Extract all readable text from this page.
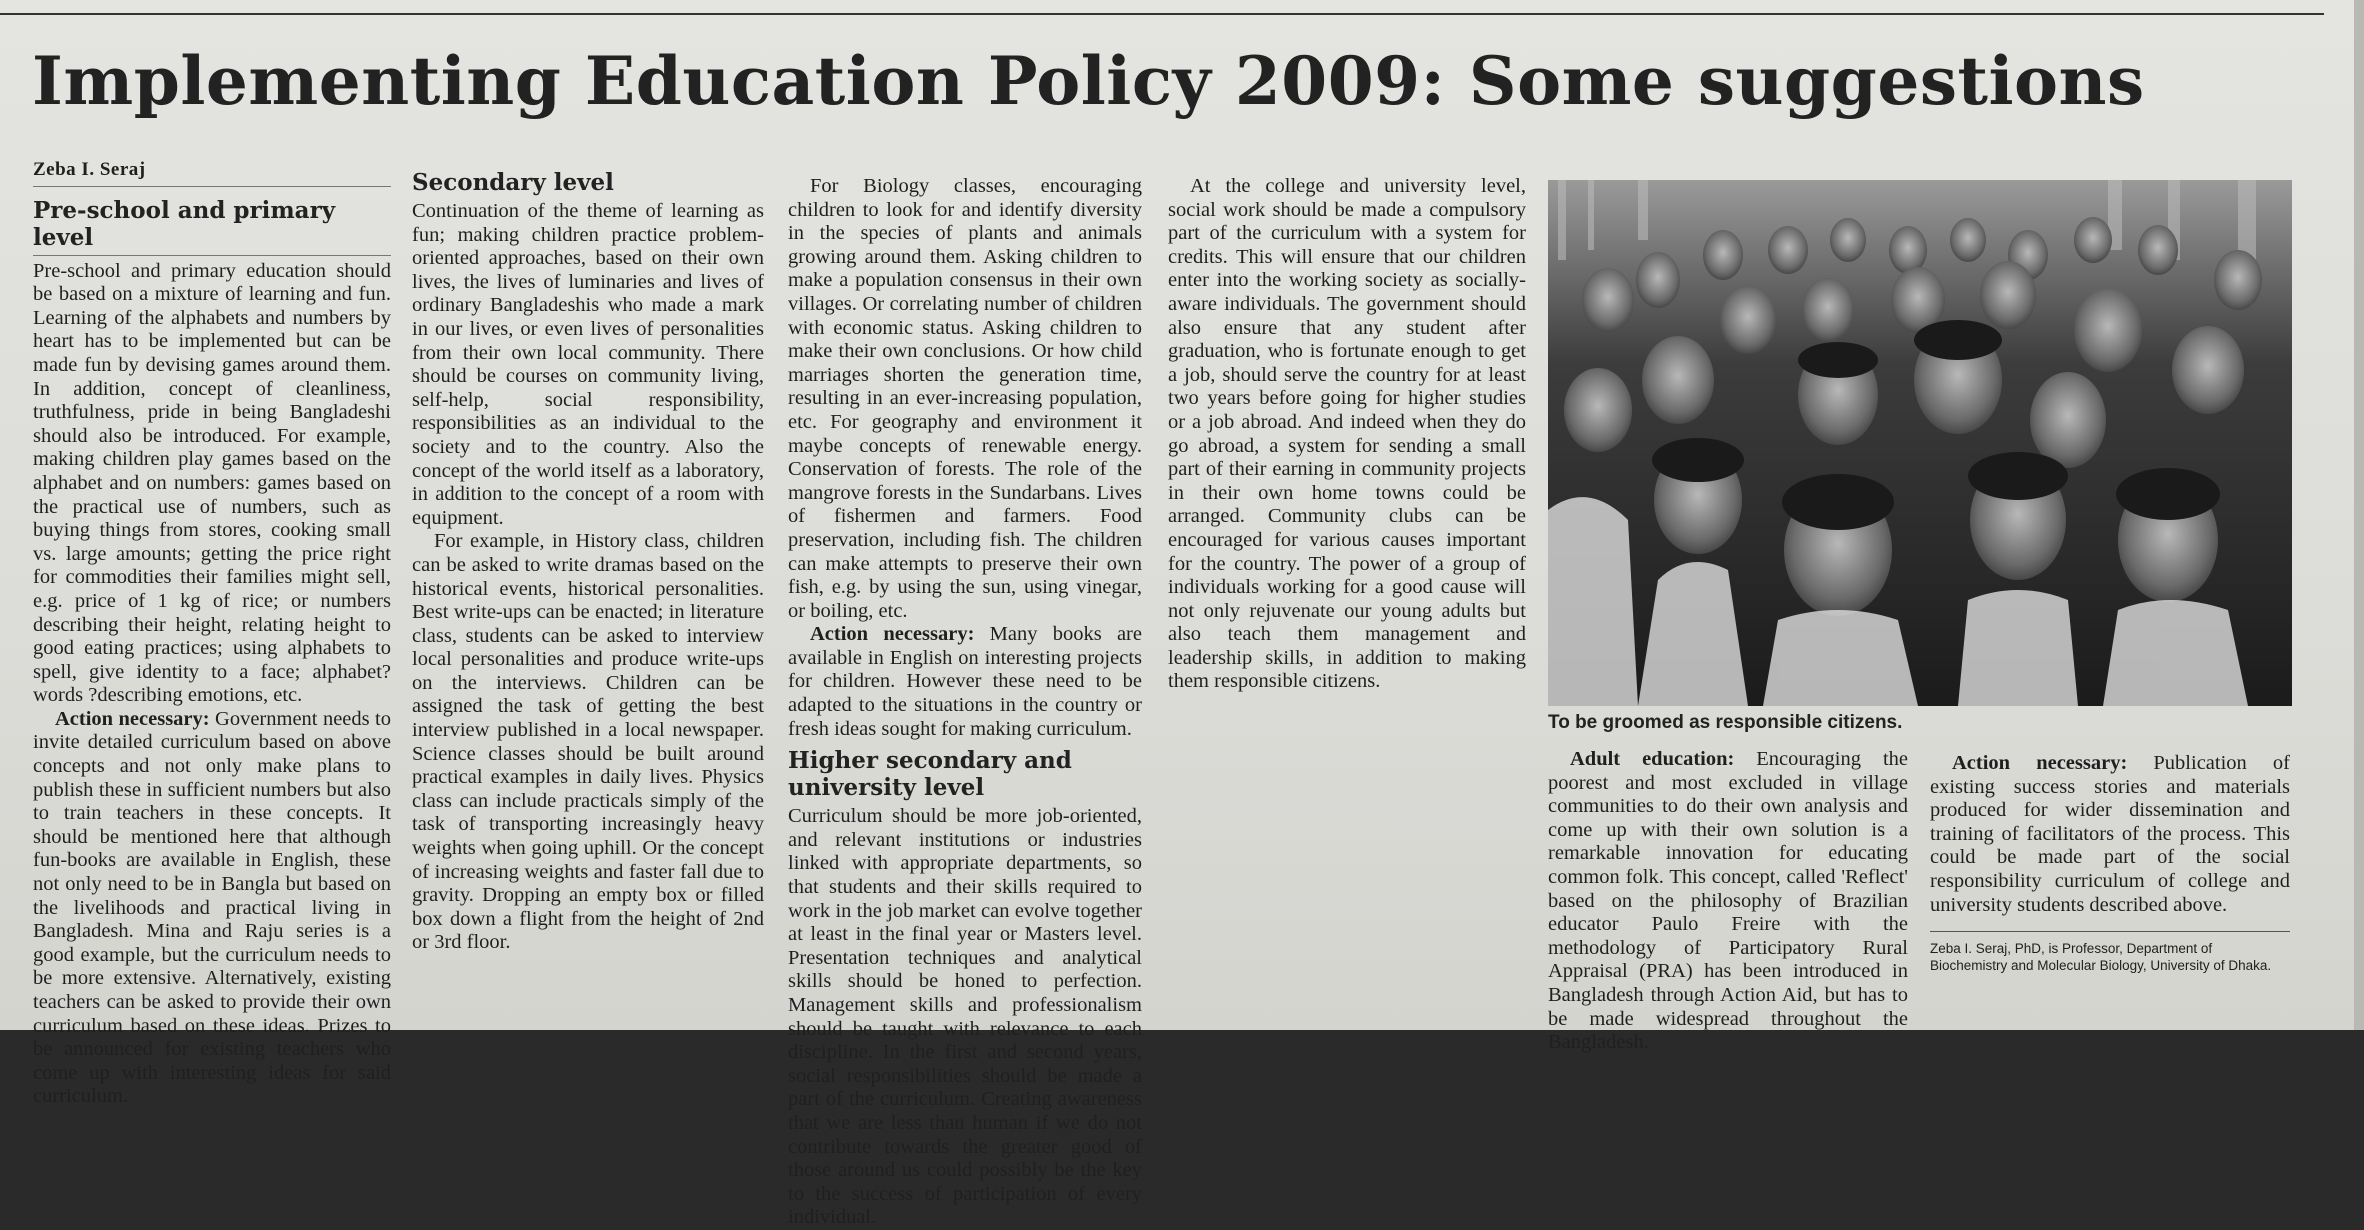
Implementing Education Policy 2009: Some suggestions
Zeba I. Seraj
Pre-school and primary level

Pre-school and primary education should be based on a mixture of learning and fun. Learning of the alphabets and numbers by heart has to be implemented but can be made fun by devising games around them. In addition, concept of cleanliness, truthfulness, pride in being Bangladeshi should also be introduced. For example, making children play games based on the alphabet and on numbers: games based on the practical use of numbers, such as buying things from stores, cooking small vs. large amounts; getting the price right for commodities their families might sell, e.g. price of 1 kg of rice; or numbers describing their height, relating height to good eating practices; using alphabets to spell, give identity to a face; alphabet? words ?describing emotions, etc.

Action necessary: Government needs to invite detailed curriculum based on above concepts and not only make plans to publish these in sufficient numbers but also to train teachers in these concepts. It should be mentioned here that although fun-books are available in English, these not only need to be in Bangla but based on the livelihoods and practical living in Bangladesh. Mina and Raju series is a good example, but the curriculum needs to be more extensive. Alternatively, existing teachers can be asked to provide their own curriculum based on these ideas. Prizes to be announced for existing teachers who come up with interesting ideas for said curriculum.

Secondary level

Continuation of the theme of learning as fun; making children practice problem-oriented approaches, based on their own lives, the lives of luminaries and lives of ordinary Bangladeshis who made a mark in our lives, or even lives of personalities from their own local community. There should be courses on community living, self-help, social responsibility, responsibilities as an individual to the society and to the country. Also the concept of the world itself as a laboratory, in addition to the concept of a room with equipment.

For example, in History class, children can be asked to write dramas based on the historical events, historical personalities. Best write-ups can be enacted; in literature class, students can be asked to interview local personalities and produce write-ups on the interviews. Children can be assigned the task of getting the best interview published in a local newspaper. Science classes should be built around practical examples in daily lives. Physics class can include practicals simply of the task of transporting increasingly heavy weights when going uphill. Or the concept of increasing weights and faster fall due to gravity. Dropping an empty box or filled box down a flight from the height of 2nd or 3rd floor.

For Biology classes, encouraging children to look for and identify diversity in the species of plants and animals growing around them. Asking children to make a population consensus in their own villages. Or correlating number of children with economic status. Asking children to make their own conclusions. Or how child marriages shorten the generation time, resulting in an ever-increasing population, etc. For geography and environment it maybe concepts of renewable energy. Conservation of forests. The role of the mangrove forests in the Sundarbans. Lives of fishermen and farmers. Food preservation, including fish. The children can make attempts to preserve their own fish, e.g. by using the sun, using vinegar, or boiling, etc.

Action necessary: Many books are available in English on interesting projects for children. However these need to be adapted to the situations in the country or fresh ideas sought for making curriculum.

Higher secondary and university level

Curriculum should be more job-oriented, and relevant institutions or industries linked with appropriate departments, so that students and their skills required to work in the job market can evolve together at least in the final year or Masters level. Presentation techniques and analytical skills should be honed to perfection. Management skills and professionalism should be taught with relevance to each discipline. In the first and second years, social responsibilities should be made a part of the curriculum. Creating awareness that we are less than human if we do not contribute towards the greater good of those around us could possibly be the key to the success of participation of every individual.

At the college and university level, social work should be made a compulsory part of the curriculum with a system for credits. This will ensure that our children enter into the working society as socially-aware individuals. The government should also ensure that any student after graduation, who is fortunate enough to get a job, should serve the country for at least two years before going for higher studies or a job abroad. And indeed when they do go abroad, a system for sending a small part of their earning in community projects in their own home towns could be arranged. Community clubs can be encouraged for various causes important for the country. The power of a group of individuals working for a good cause will not only rejuvenate our young adults but also teach them management and leadership skills, in addition to making them responsible citizens.

To be groomed as responsible citizens.

Adult education: Encouraging the poorest and most excluded in village communities to do their own analysis and come up with their own solution is a remarkable innovation for educating common folk. This concept, called 'Reflect' based on the philosophy of Brazilian educator Paulo Freire with the methodology of Participatory Rural Appraisal (PRA) has been introduced in Bangladesh through Action Aid, but has to be made widespread throughout the Bangladesh.

Action necessary: Publication of existing success stories and materials produced for wider dissemination and training of facilitators of the process. This could be made part of the social responsibility curriculum of college and university students described above.

Zeba I. Seraj, PhD, is Professor, Department of Biochemistry and Molecular Biology, University of Dhaka.
